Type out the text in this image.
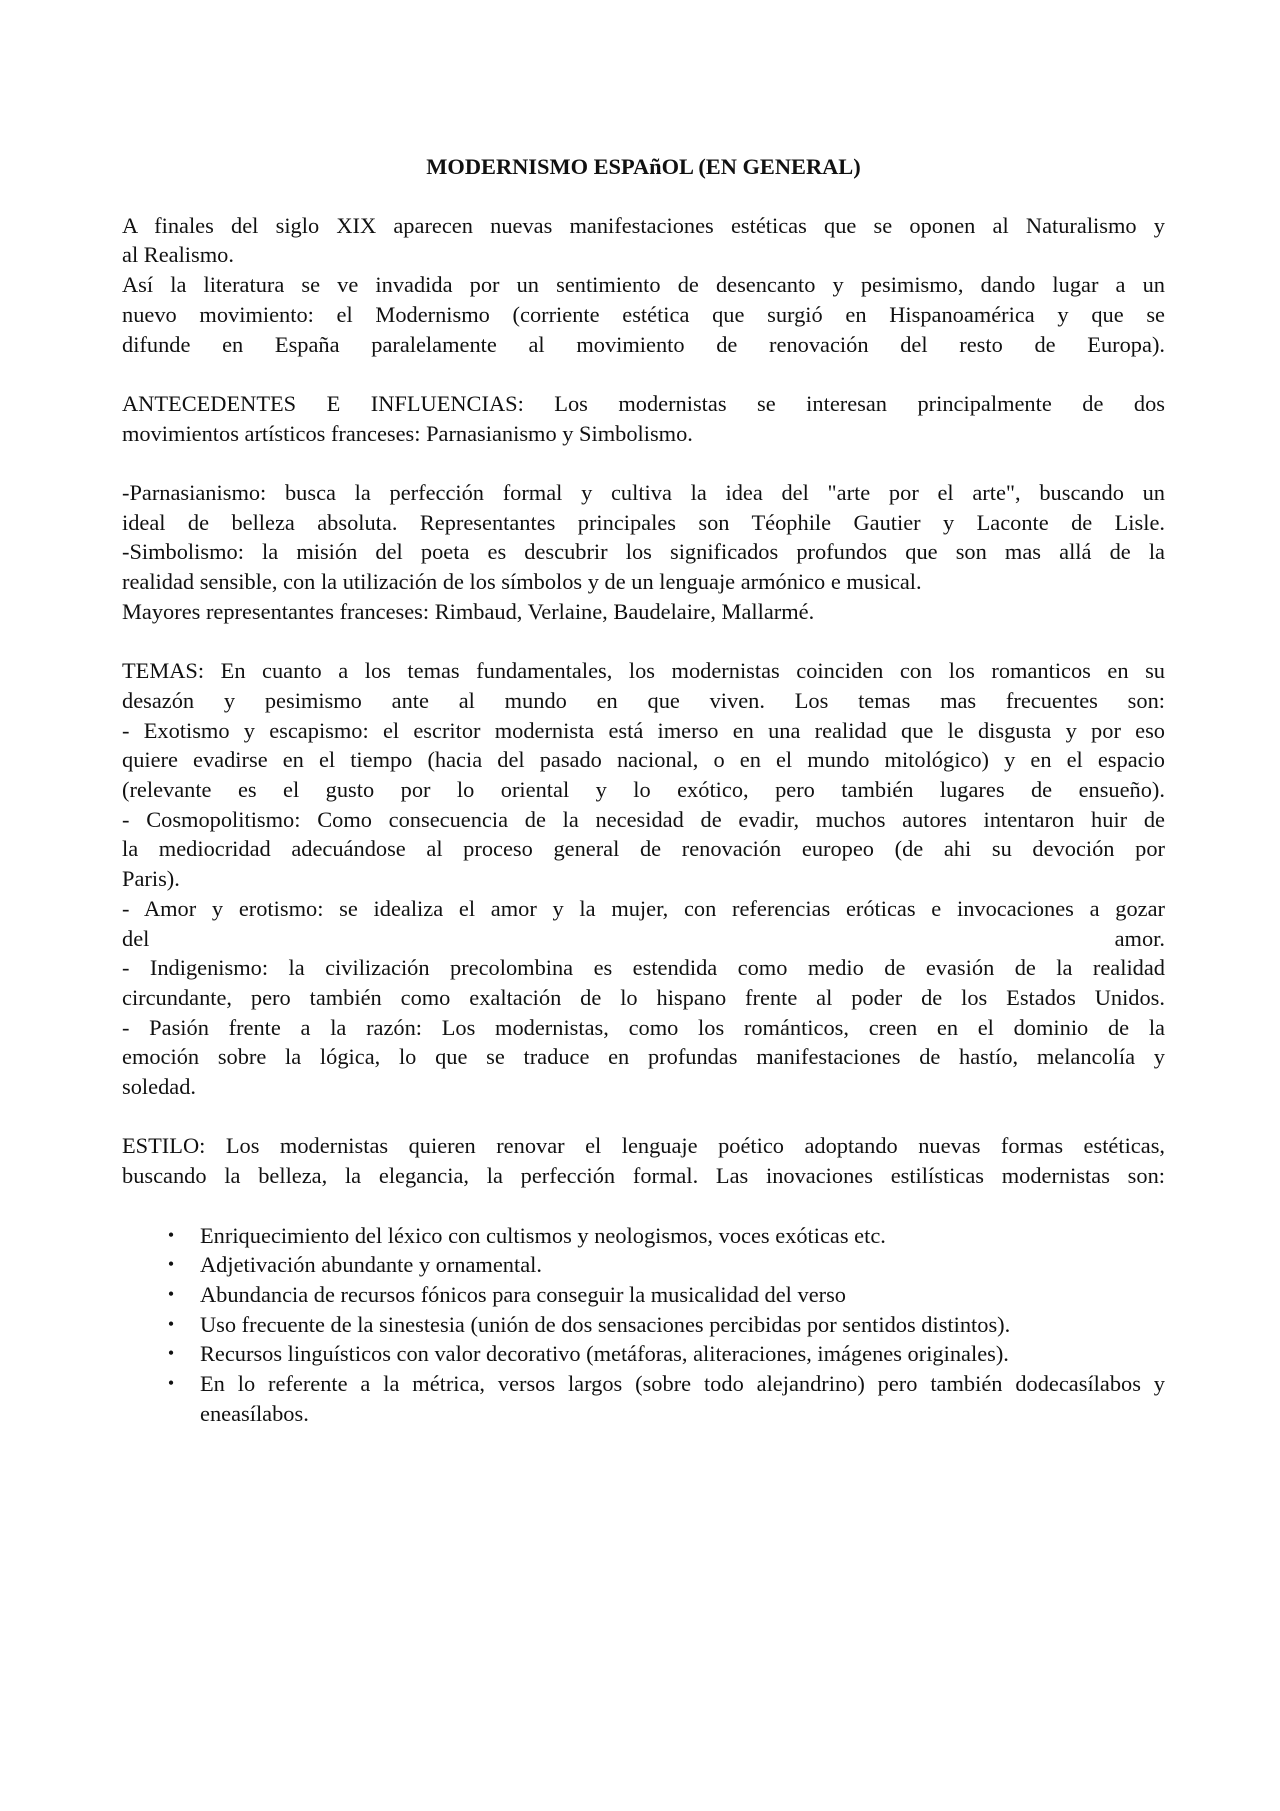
MODERNISMO ESPAñOL (EN GENERAL)
A finales del siglo XIX aparecen nuevas manifestaciones estéticas que se oponen al Naturalismo y
al Realismo.
Así la literatura se ve invadida por un sentimiento de desencanto y pesimismo, dando lugar a un
nuevo movimiento: el Modernismo (corriente estética que surgió en Hispanoamérica y que se
difunde en España paralelamente al movimiento de renovación del resto de Europa).
ANTECEDENTES E INFLUENCIAS: Los modernistas se interesan principalmente de dos
movimientos artísticos franceses: Parnasianismo y Simbolismo.
-Parnasianismo: busca la perfección formal y cultiva la idea del "arte por el arte", buscando un
ideal de belleza absoluta. Representantes principales son Téophile Gautier y Laconte de Lisle.
-Simbolismo: la misión del poeta es descubrir los significados profundos que son mas allá de la
realidad sensible, con la utilización de los símbolos y de un lenguaje armónico e musical.
Mayores representantes franceses: Rimbaud, Verlaine, Baudelaire, Mallarmé.
TEMAS: En cuanto a los temas fundamentales, los modernistas coinciden con los romanticos en su
desazón y pesimismo ante al mundo en que viven. Los temas mas frecuentes son:
- Exotismo y escapismo: el escritor modernista está imerso en una realidad que le disgusta y por eso
quiere evadirse en el tiempo (hacia del pasado nacional, o en el mundo mitológico) y en el espacio
(relevante es el gusto por lo oriental y lo exótico, pero también lugares de ensueño).
- Cosmopolitismo: Como consecuencia de la necesidad de evadir, muchos autores intentaron huir de
la mediocridad adecuándose al proceso general de renovación europeo (de ahi su devoción por
Paris).
- Amor y erotismo: se idealiza el amor y la mujer, con referencias eróticas e invocaciones a gozar
del amor.
- Indigenismo: la civilización precolombina es estendida como medio de evasión de la realidad
circundante, pero también como exaltación de lo hispano frente al poder de los Estados Unidos.
- Pasión frente a la razón: Los modernistas, como los románticos, creen en el dominio de la
emoción sobre la lógica, lo que se traduce en profundas manifestaciones de hastío, melancolía y
soledad.
ESTILO: Los modernistas quieren renovar el lenguaje poético adoptando nuevas formas estéticas,
buscando la belleza, la elegancia, la perfección formal. Las inovaciones estilísticas modernistas son:
• Enriquecimiento del léxico con cultismos y neologismos, voces exóticas etc.
• Adjetivación abundante y ornamental.
• Abundancia de recursos fónicos para conseguir la musicalidad del verso
• Uso frecuente de la sinestesia (unión de dos sensaciones percibidas por sentidos distintos).
• Recursos linguísticos con valor decorativo (metáforas, aliteraciones, imágenes originales).
• En lo referente a la métrica, versos largos (sobre todo alejandrino) pero también dodecasílabos y eneasílabos.
